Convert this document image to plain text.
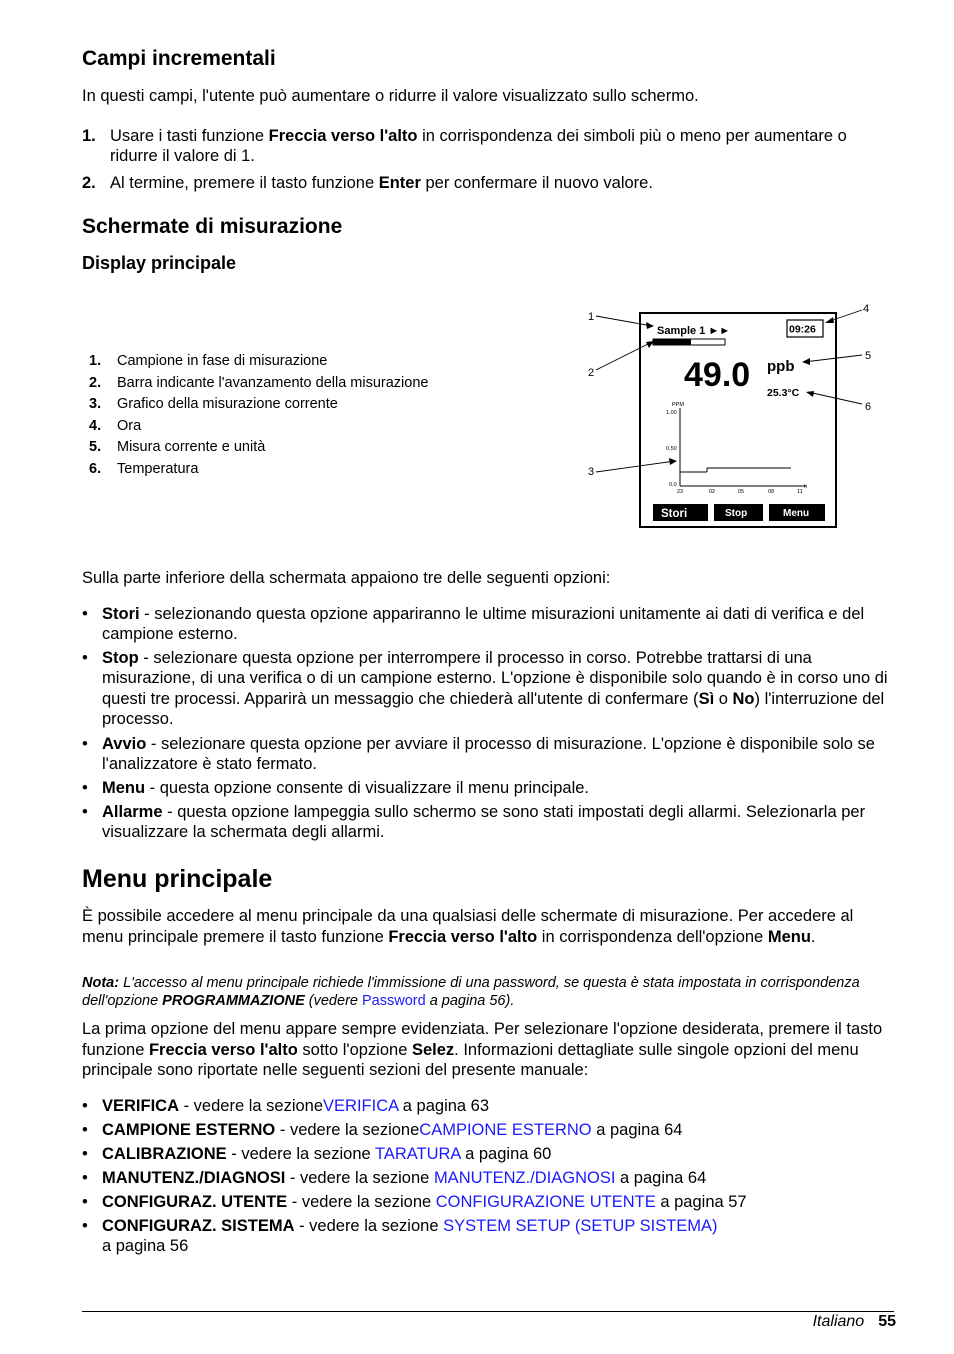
Campi incrementali

In questi campi, l'utente può aumentare o ridurre il valore visualizzato sullo schermo.

1. Usare i tasti funzione Freccia verso l'alto in corrispondenza dei simboli più o meno per aumentare o ridurre il valore di 1.
2. Al termine, premere il tasto funzione Enter per confermare il nuovo valore.
Schermate di misurazione
Display principale
1. Campione in fase di misurazione
2. Barra indicante l'avanzamento della misurazione
3. Grafico della misurazione corrente
4. Ora
5. Misura corrente e unità
6. Temperatura
Sample 1 ►►	09:26
49.0 ppb
25.3°C
PPM
1.00
0.50
0.0
23	02	05	08	11
h
Stori	Stop	Menu
1
2
3
4
5
6

Sulla parte inferiore della schermata appaiono tre delle seguenti opzioni:

• Stori - selezionando questa opzione appariranno le ultime misurazioni unitamente ai dati di verifica e del campione esterno.
• Stop - selezionare questa opzione per interrompere il processo in corso. Potrebbe trattarsi di una misurazione, di una verifica o di un campione esterno. L'opzione è disponibile solo quando è in corso uno di questi tre processi. Apparirà un messaggio che chiederà all'utente di confermare (Sì o No) l'interruzione del processo.
• Avvio - selezionare questa opzione per avviare il processo di misurazione. L'opzione è disponibile solo se l'analizzatore è stato fermato.
• Menu - questa opzione consente di visualizzare il menu principale.
• Allarme - questa opzione lampeggia sullo schermo se sono stati impostati degli allarmi. Selezionarla per visualizzare la schermata degli allarmi.
Menu principale

È possibile accedere al menu principale da una qualsiasi delle schermate di misurazione. Per accedere al menu principale premere il tasto funzione Freccia verso l'alto in corrispondenza dell'opzione Menu.

Nota: L'accesso al menu principale richiede l'immissione di una password, se questa è stata impostata in corrispondenza dell'opzione PROGRAMMAZIONE (vedere Password a pagina 56).

La prima opzione del menu appare sempre evidenziata. Per selezionare l'opzione desiderata, premere il tasto funzione Freccia verso l'alto sotto l'opzione Selez. Informazioni dettagliate sulle singole opzioni del menu principale sono riportate nelle seguenti sezioni del presente manuale:

• VERIFICA - vedere la sezioneVERIFICA a pagina 63
• CAMPIONE ESTERNO - vedere la sezioneCAMPIONE ESTERNO a pagina 64
• CALIBRAZIONE - vedere la sezione TARATURA a pagina 60
• MANUTENZ./DIAGNOSI - vedere la sezione MANUTENZ./DIAGNOSI a pagina 64
• CONFIGURAZ. UTENTE - vedere la sezione CONFIGURAZIONE UTENTE a pagina 57
• CONFIGURAZ. SISTEMA - vedere la sezione SYSTEM SETUP (SETUP SISTEMA)
a pagina 56
Italiano 55
